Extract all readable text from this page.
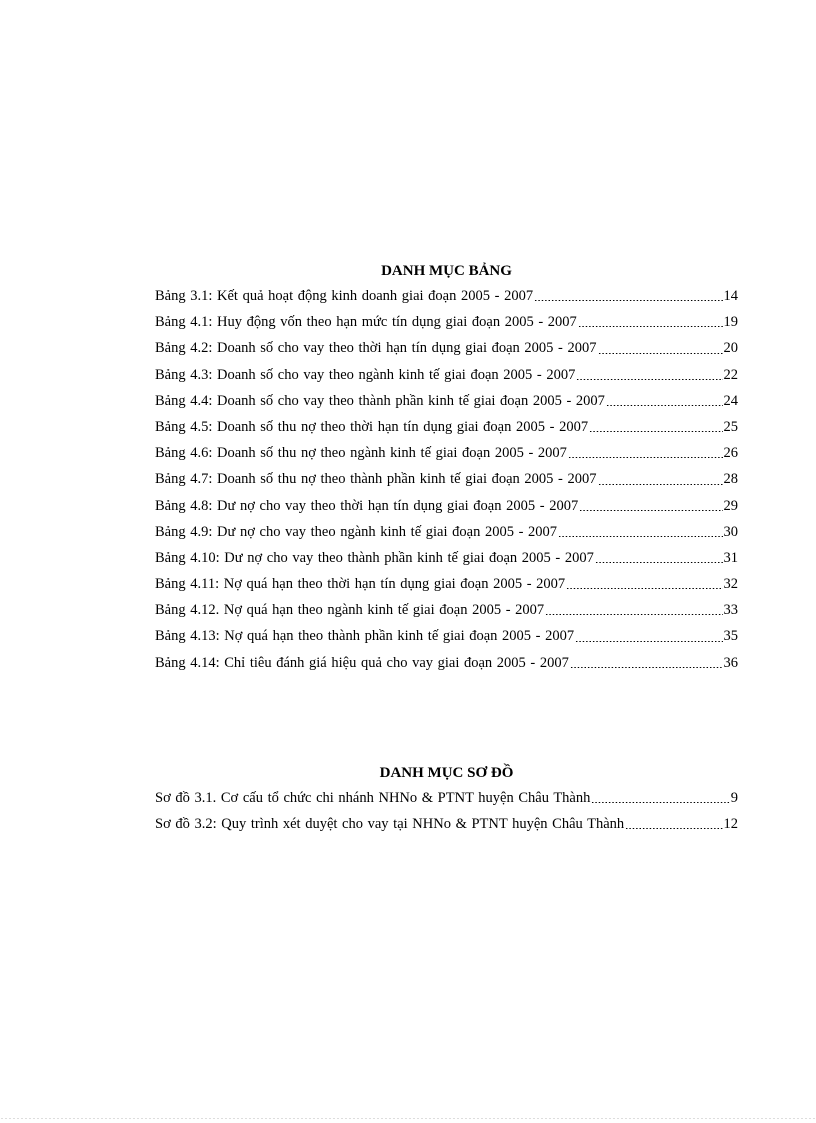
DANH MỤC BẢNG
Bảng 3.1: Kết quả hoạt động kinh doanh giai đoạn 2005 - 2007	14
Bảng 4.1: Huy động vốn theo hạn mức tín dụng giai đoạn 2005 - 2007	19
Bảng 4.2: Doanh số cho vay theo thời hạn tín dụng giai đoạn 2005 - 2007	20
Bảng 4.3: Doanh số cho vay theo ngành kinh tế giai đoạn 2005 - 2007	22
Bảng 4.4: Doanh số cho vay theo thành phần kinh tế giai đoạn 2005 - 2007	24
Bảng 4.5: Doanh số thu nợ theo thời hạn tín dụng giai đoạn 2005 - 2007	25
Bảng 4.6: Doanh số thu nợ theo ngành kinh tế giai đoạn 2005 - 2007	26
Bảng 4.7: Doanh số thu nợ theo thành phần kinh tế giai đoạn 2005 - 2007	28
Bảng 4.8: Dư nợ cho vay theo thời hạn tín dụng giai đoạn 2005 - 2007	29
Bảng 4.9: Dư nợ cho vay theo ngành kinh tế giai đoạn 2005 - 2007	30
Bảng 4.10: Dư nợ cho vay theo thành phần kinh tế giai đoạn 2005 - 2007	31
Bảng 4.11: Nợ quá hạn theo thời hạn tín dụng giai đoạn 2005 - 2007	32
Bảng 4.12. Nợ quá hạn theo ngành kinh tế giai đoạn 2005 - 2007	33
Bảng 4.13: Nợ quá hạn theo thành phần kinh tế giai đoạn 2005 - 2007	35
Bảng 4.14: Chỉ tiêu đánh giá hiệu quả cho vay giai đoạn 2005 - 2007	36
DANH MỤC SƠ ĐỒ
Sơ đồ 3.1. Cơ cấu tổ chức chi nhánh NHNo & PTNT huyện Châu Thành	9
Sơ đồ 3.2: Quy trình xét duyệt cho vay tại NHNo & PTNT huyện Châu Thành	12
